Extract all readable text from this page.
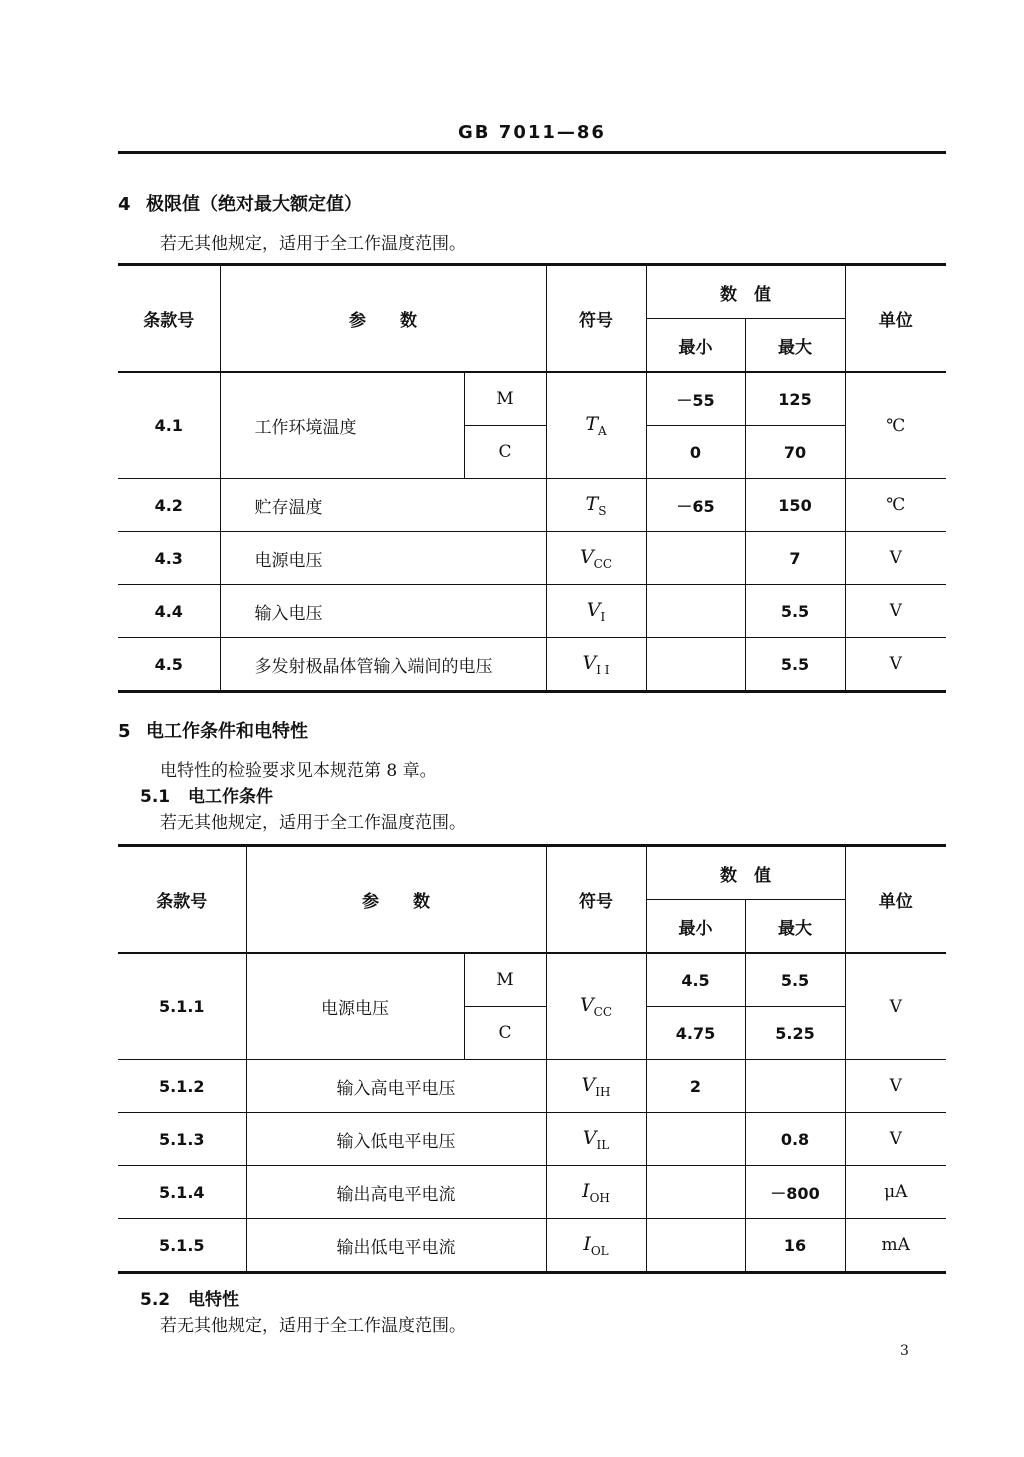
GB 7011—86
4 极限值（绝对最大额定值）
若无其他规定，适用于全工作温度范围。
条款号	参　　数		符号	数　值		单位
				最小	最大	
4.1	工作环境温度	M	$T_A$	－55	125	℃
		C		0	70	
4.2	贮存温度		$T_S$	－65	150	℃
4.3	电源电压		$V_{CC}$		7	V
4.4	输入电压		$V_I$		5.5	V
4.5	多发射极晶体管输入端间的电压		$V_{I I}$		5.5	V
5 电工作条件和电特性
电特性的检验要求见本规范第 8 章。
5.1 电工作条件
若无其他规定，适用于全工作温度范围。
条款号	参　　数		符号	数　值		单位
				最小	最大	
5.1.1	电源电压	M	$V_{CC}$	4.5	5.5	V
		C		4.75	5.25	
5.1.2	输入高电平电压		$V_{IH}$	2		V
5.1.3	输入低电平电压		$V_{IL}$		0.8	V
5.1.4	输出高电平电流		$I_{OH}$		－800	μA
5.1.5	输出低电平电流		$I_{OL}$		16	mA
5.2 电特性
若无其他规定，适用于全工作温度范围。
3
